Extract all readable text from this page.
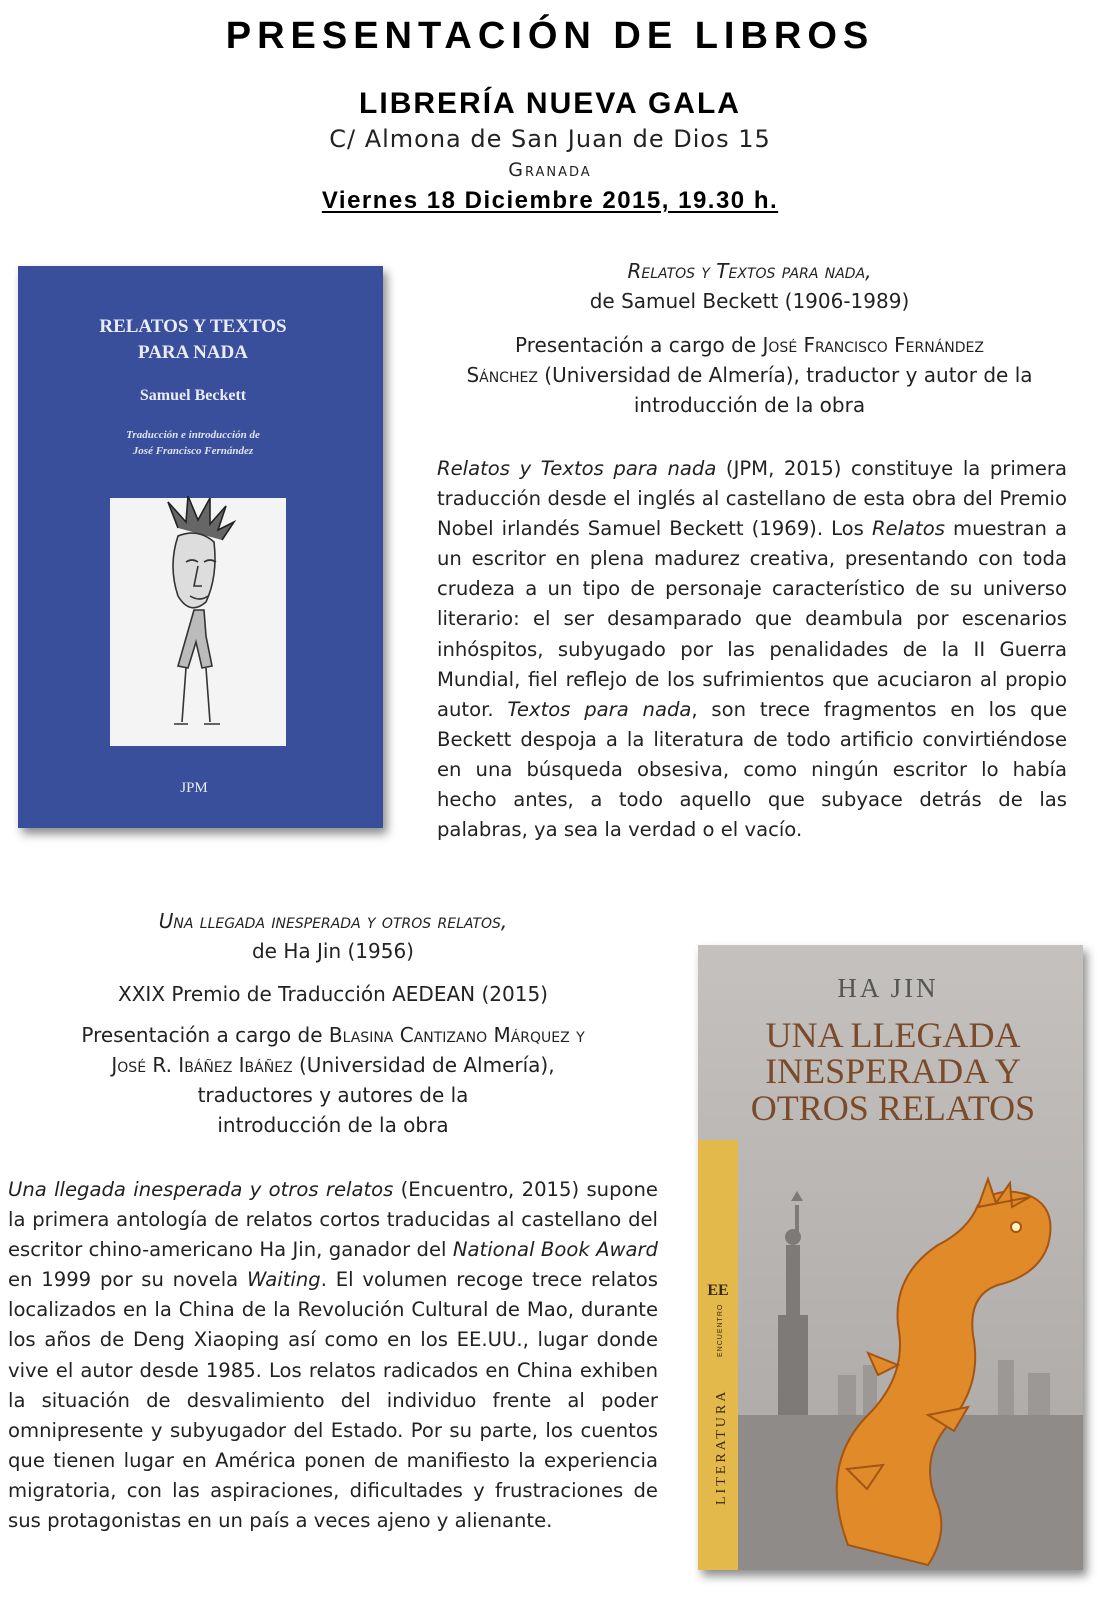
PRESENTACIÓN DE LIBROS
LIBRERÍA NUEVA GALA
C/ Almona de San Juan de Dios 15
Granada
Viernes 18 Diciembre 2015, 19.30 h.
RELATOS Y TEXTOS
PARA NADA
Samuel Beckett
Traducción e introducción de
José Francisco Fernández
JPM
Relatos y Textos para nada,
de Samuel Beckett (1906-1989)
Presentación a cargo de José Francisco Fernández
Sánchez (Universidad de Almería), traductor y autor de la
introducción de la obra
Relatos y Textos para nada (JPM, 2015) constituye la primera traducción desde el inglés al castellano de esta obra del Premio Nobel irlandés Samuel Beckett (1969). Los Relatos muestran a un escritor en plena madurez creativa, presentando con toda crudeza a un tipo de personaje característico de su universo literario: el ser desamparado que deambula por escenarios inhóspitos, subyugado por las penalidades de la II Guerra Mundial, fiel reflejo de los sufrimientos que acuciaron al propio autor. Textos para nada, son trece fragmentos en los que Beckett despoja a la literatura de todo artificio convirtiéndose en una búsqueda obsesiva, como ningún escritor lo había hecho antes, a todo aquello que subyace detrás de las palabras, ya sea la verdad o el vacío.
Una llegada inesperada y otros relatos,
de Ha Jin (1956)
XXIX Premio de Traducción AEDEAN (2015)
Presentación a cargo de Blasina Cantizano Márquez y
José R. Ibáñez Ibáñez (Universidad de Almería),
traductores y autores de la
introducción de la obra
Una llegada inesperada y otros relatos (Encuentro, 2015) supone la primera antología de relatos cortos traducidas al castellano del escritor chino-americano Ha Jin, ganador del National Book Award en 1999 por su novela Waiting. El volumen recoge trece relatos localizados en la China de la Revolución Cultural de Mao, durante los años de Deng Xiaoping así como en los EE.UU., lugar donde vive el autor desde 1985. Los relatos radicados en China exhiben la situación de desvalimiento del individuo frente al poder omnipresente y subyugador del Estado. Por su parte, los cuentos que tienen lugar en América ponen de manifiesto la experiencia migratoria, con las aspiraciones, dificultades y frustraciones de sus protagonistas en un país a veces ajeno y alienante.
HA JIN
UNA LLEGADA
INESPERADA Y
OTROS RELATOS
EE
ENCUENTRO
LITERATURA
